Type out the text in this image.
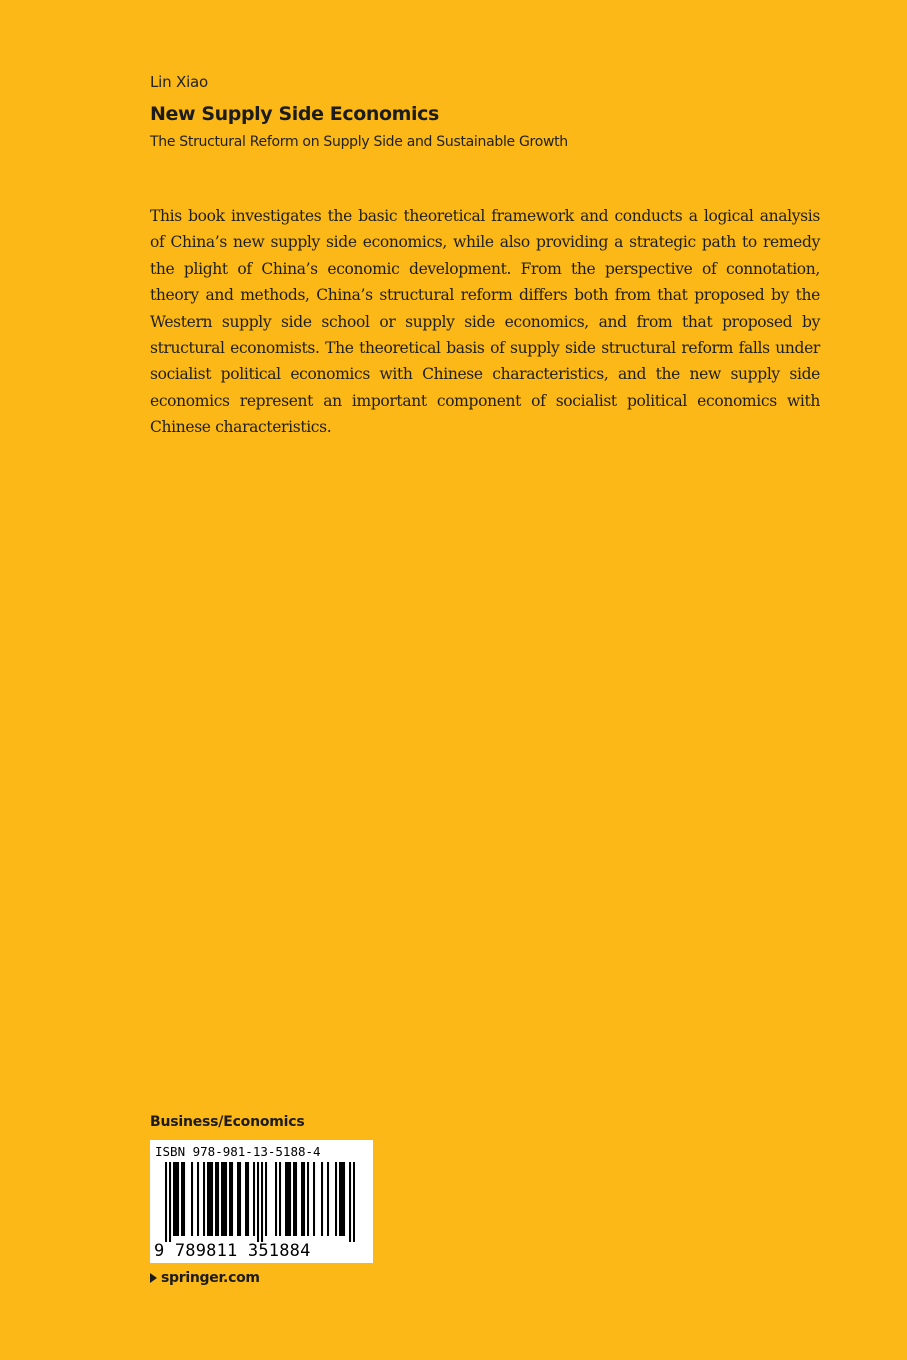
Lin Xiao
New Supply Side Economics
The Structural Reform on Supply Side and Sustainable Growth

This book investigates the basic theoretical framework and conducts a logical analysis of China’s new supply side economics, while also providing a strategic path to remedy the plight of China’s economic development. From the perspective of connotation, theory and methods, China’s structural reform differs both from that proposed by the Western supply side school or supply side economics, and from that proposed by structural economists. The theoretical basis of supply side structural reform falls under socialist political economics with Chinese characteristics, and the new supply side economics represent an important component of socialist political economics with Chinese characteristics.

Business/Economics
ISBN 978-981-13-5188-4
9 789811 351884
springer.com
